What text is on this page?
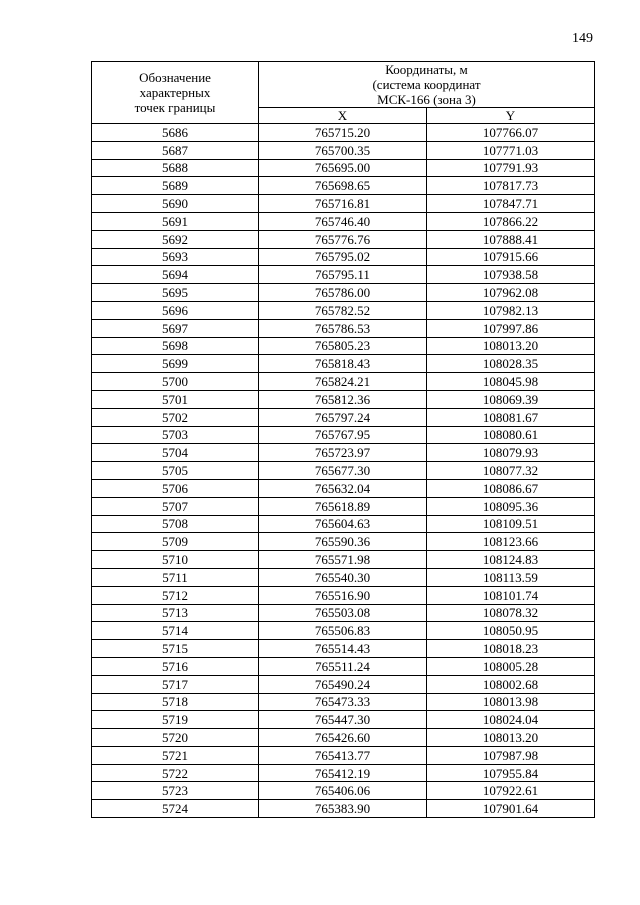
149
Обозначение
характерных
точек границы	Координаты, м
(система координат
МСК-166 (зона 3)	

	X	Y
5686	765715.20	107766.07
5687	765700.35	107771.03
5688	765695.00	107791.93
5689	765698.65	107817.73
5690	765716.81	107847.71
5691	765746.40	107866.22
5692	765776.76	107888.41
5693	765795.02	107915.66
5694	765795.11	107938.58
5695	765786.00	107962.08
5696	765782.52	107982.13
5697	765786.53	107997.86
5698	765805.23	108013.20
5699	765818.43	108028.35
5700	765824.21	108045.98
5701	765812.36	108069.39
5702	765797.24	108081.67
5703	765767.95	108080.61
5704	765723.97	108079.93
5705	765677.30	108077.32
5706	765632.04	108086.67
5707	765618.89	108095.36
5708	765604.63	108109.51
5709	765590.36	108123.66
5710	765571.98	108124.83
5711	765540.30	108113.59
5712	765516.90	108101.74
5713	765503.08	108078.32
5714	765506.83	108050.95
5715	765514.43	108018.23
5716	765511.24	108005.28
5717	765490.24	108002.68
5718	765473.33	108013.98
5719	765447.30	108024.04
5720	765426.60	108013.20
5721	765413.77	107987.98
5722	765412.19	107955.84
5723	765406.06	107922.61
5724	765383.90	107901.64
